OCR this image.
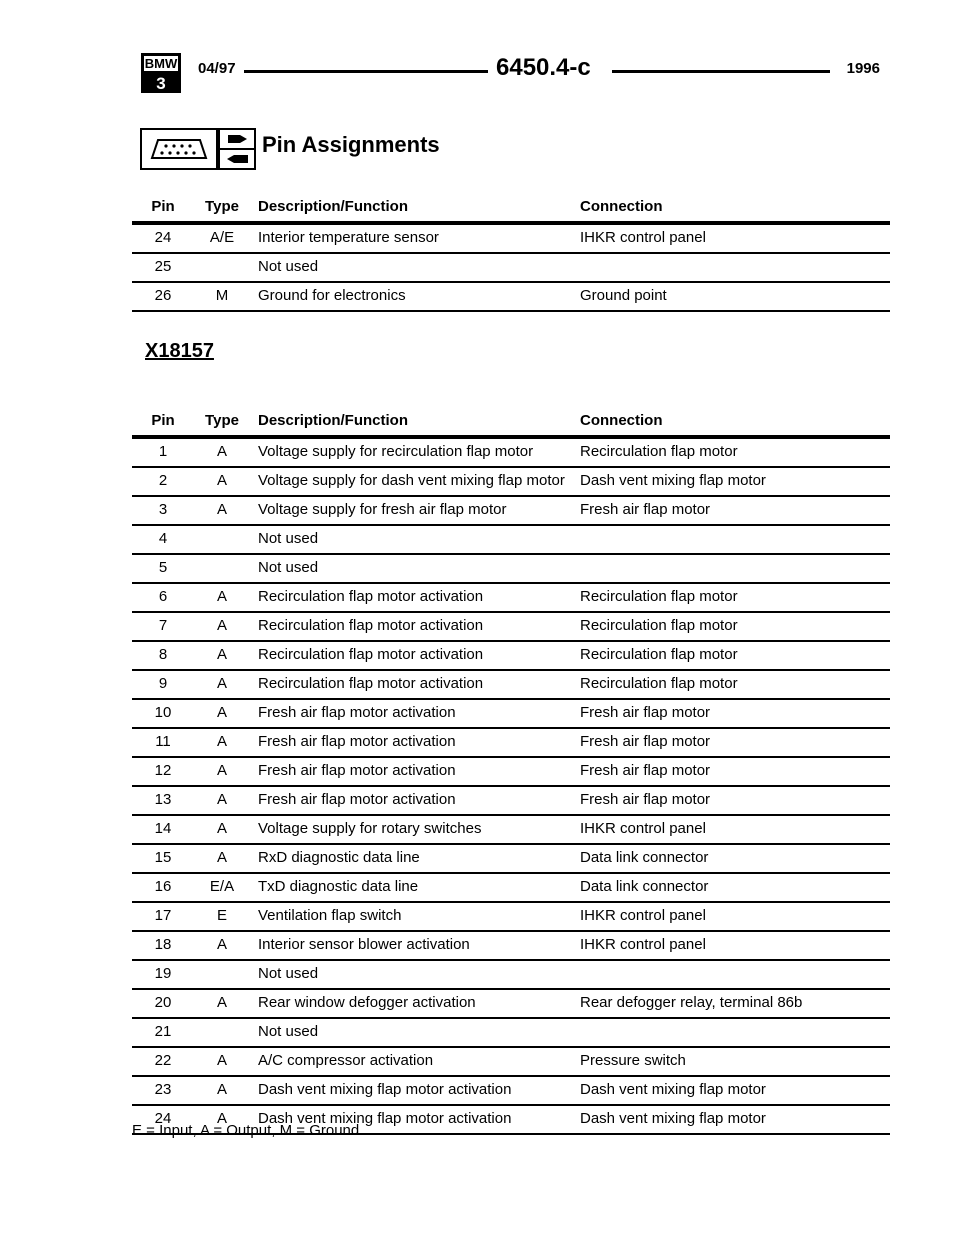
BMW
3
04/97	6450.4-c	1996
Pin Assignments
Pin	Type	Description/Function	Connection
24	A/E	Interior temperature sensor	IHKR control panel
25		Not used	
26	M	Ground for electronics	Ground point
X18157
Pin	Type	Description/Function	Connection
1	A	Voltage supply for recirculation flap motor	Recirculation flap motor
2	A	Voltage supply for dash vent mixing flap motor	Dash vent mixing flap motor
3	A	Voltage supply for fresh air flap motor	Fresh air flap motor
4		Not used	
5		Not used	
6	A	Recirculation flap motor activation	Recirculation flap motor
7	A	Recirculation flap motor activation	Recirculation flap motor
8	A	Recirculation flap motor activation	Recirculation flap motor
9	A	Recirculation flap motor activation	Recirculation flap motor
10	A	Fresh air flap motor activation	Fresh air flap motor
11	A	Fresh air flap motor activation	Fresh air flap motor
12	A	Fresh air flap motor activation	Fresh air flap motor
13	A	Fresh air flap motor activation	Fresh air flap motor
14	A	Voltage supply for rotary switches	IHKR control panel
15	A	RxD diagnostic data line	Data link connector
16	E/A	TxD diagnostic data line	Data link connector
17	E	Ventilation flap switch	IHKR control panel
18	A	Interior sensor blower activation	IHKR control panel
19		Not used	
20	A	Rear window defogger activation	Rear defogger relay, terminal 86b
21		Not used	
22	A	A/C compressor activation	Pressure switch
23	A	Dash vent mixing flap motor activation	Dash vent mixing flap motor
24	A	Dash vent mixing flap motor activation	Dash vent mixing flap motor
E = Input, A = Output, M = Ground
